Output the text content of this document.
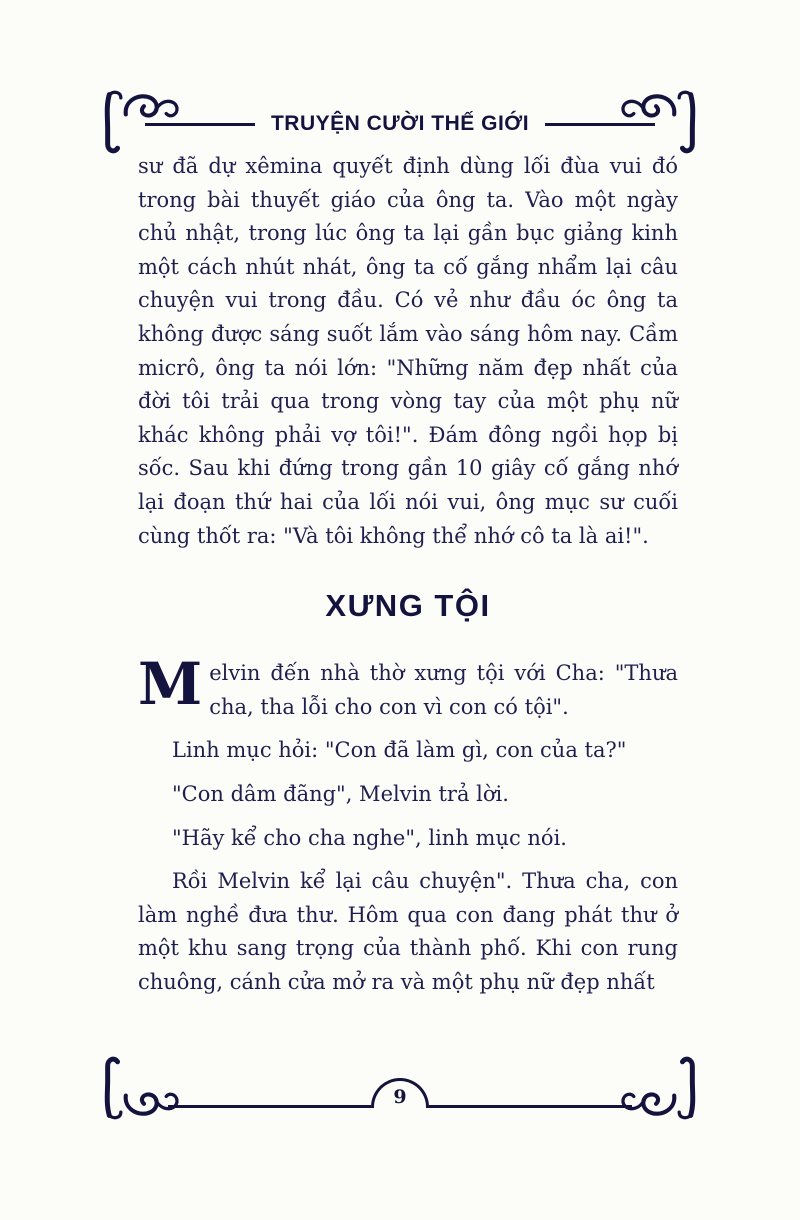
TRUYỆN CƯỜI THẾ GIỚI

sư đã dự xêmina quyết định dùng lối đùa vui đó trong bài thuyết giáo của ông ta. Vào một ngày chủ nhật, trong lúc ông ta lại gần bục giảng kinh một cách nhút nhát, ông ta cố gắng nhẩm lại câu chuyện vui trong đầu. Có vẻ như đầu óc ông ta không được sáng suốt lắm vào sáng hôm nay. Cầm micrô, ông ta nói lớn: "Những năm đẹp nhất của đời tôi trải qua trong vòng tay của một phụ nữ khác không phải vợ tôi!". Đám đông ngồi họp bị sốc. Sau khi đứng trong gần 10 giây cố gắng nhớ lại đoạn thứ hai của lối nói vui, ông mục sư cuối cùng thốt ra: "Và tôi không thể nhớ cô ta là ai!".

XƯNG TỘI

Melvin đến nhà thờ xưng tội với Cha: "Thưa cha, tha lỗi cho con vì con có tội".

Linh mục hỏi: "Con đã làm gì, con của ta?"

"Con dâm đãng", Melvin trả lời.

"Hãy kể cho cha nghe", linh mục nói.

Rồi Melvin kể lại câu chuyện". Thưa cha, con làm nghề đưa thư. Hôm qua con đang phát thư ở một khu sang trọng của thành phố. Khi con rung chuông, cánh cửa mở ra và một phụ nữ đẹp nhất

9
